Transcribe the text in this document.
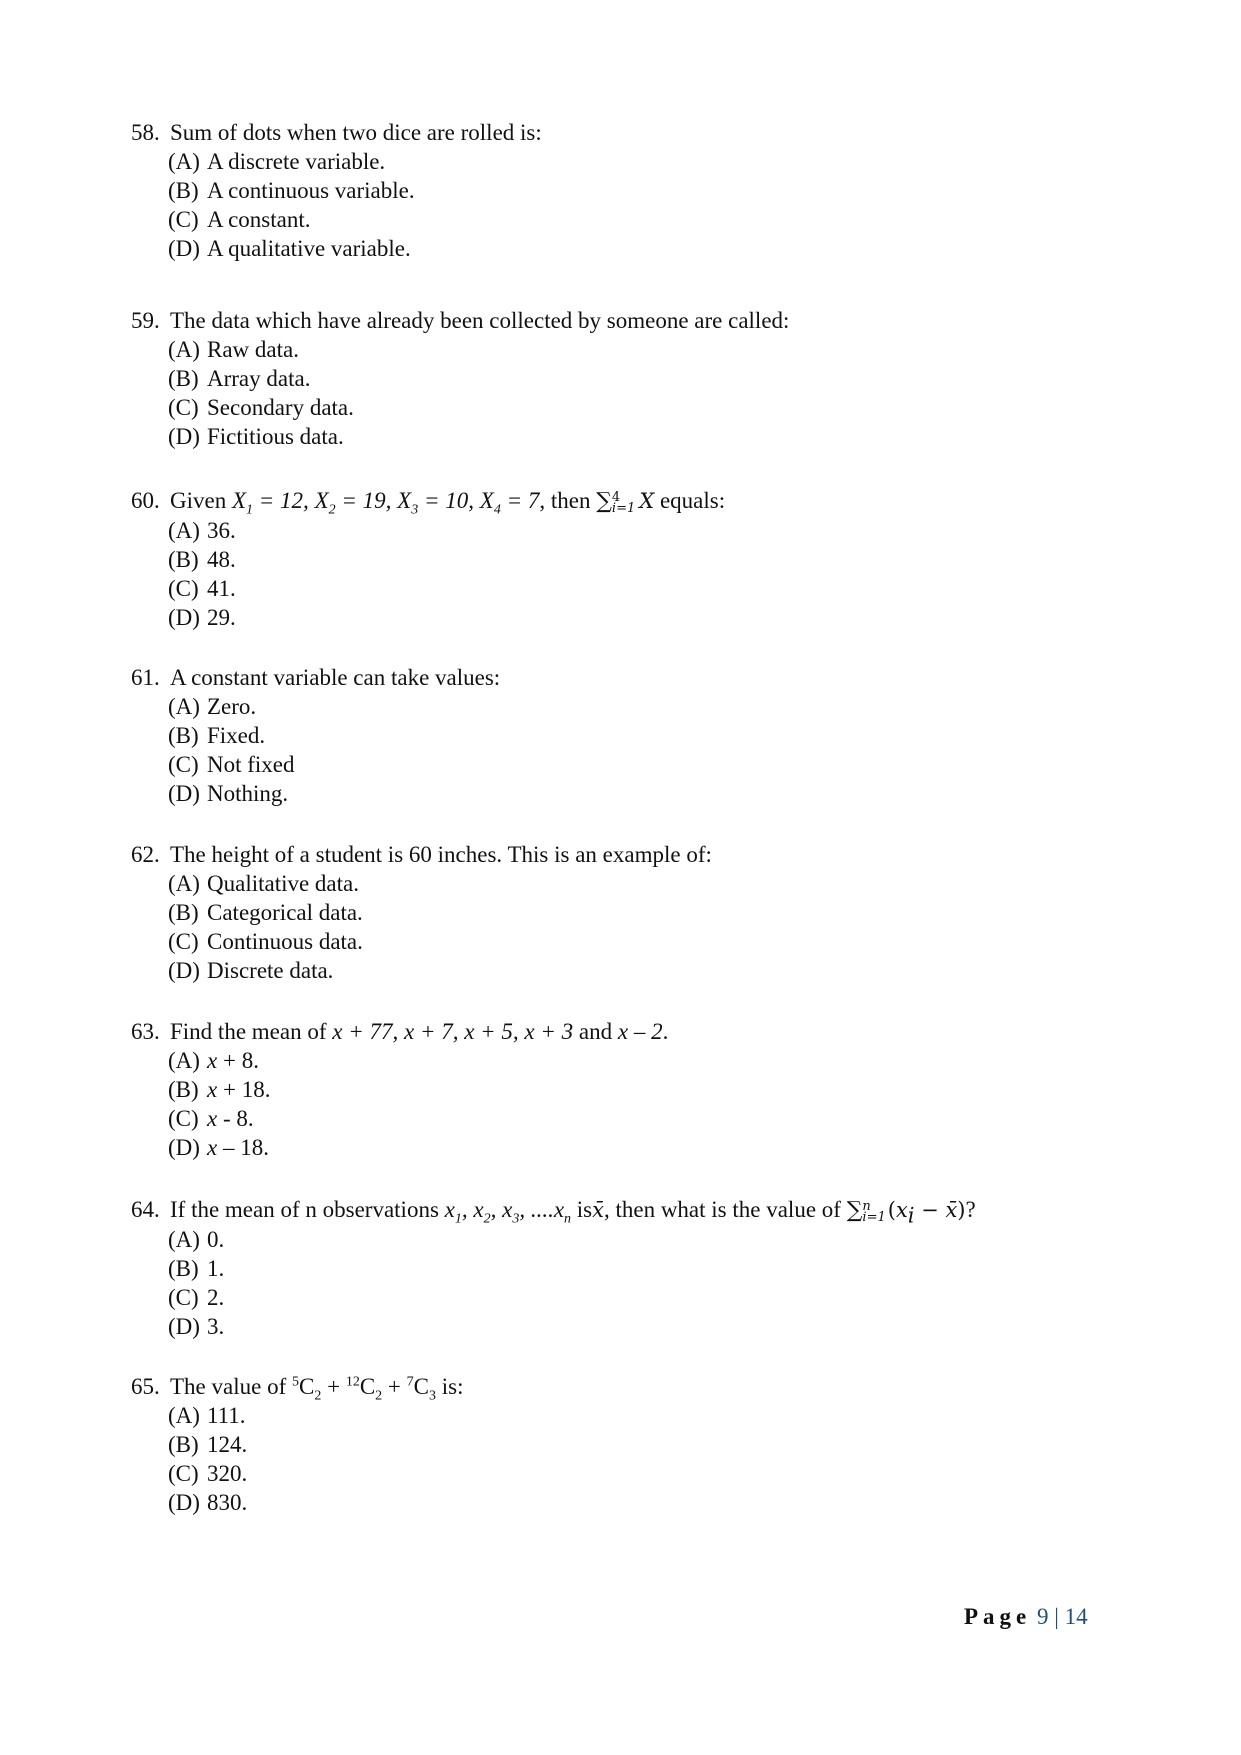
58. Sum of dots when two dice are rolled is:
(A) A discrete variable.
(B) A continuous variable.
(C) A constant.
(D) A qualitative variable.
59. The data which have already been collected by someone are called:
(A) Raw data.
(B) Array data.
(C) Secondary data.
(D) Fictitious data.
60. Given $X_1 = 12$, $X_2 = 19$, $X_3 = 10$, $X_4 = 7$, then ∑ 4
i=1 X equals:
(A) 36.
(B) 48.
(C) 41.
(D) 29.
61. A constant variable can take values:
(A) Zero.
(B) Fixed.
(C) Not fixed
(D) Nothing.
62. The height of a student is 60 inches. This is an example of:
(A) Qualitative data.
(B) Categorical data.
(C) Continuous data.
(D) Discrete data.
63. Find the mean of x + 77, x + 7, x + 5, x + 3 and x – 2.
(A) x + 8.
(B) x + 18.
(C) x - 8.
(D) x – 18.
64. If the mean of n observations $x_1$, $x_2$, $x_3$, $....x_n$ isx̄, then what is the value of ∑ n
i=1 ($x_i$ − x̄)?
(A) 0.
(B) 1.
(C) 2.
(D) 3.
65. The value of $^5C_2 + ^{12}C_2 + ^7C_3$ is:
(A) 111.
(B) 124.
(C) 320.
(D) 830.
Page 9 | 14
